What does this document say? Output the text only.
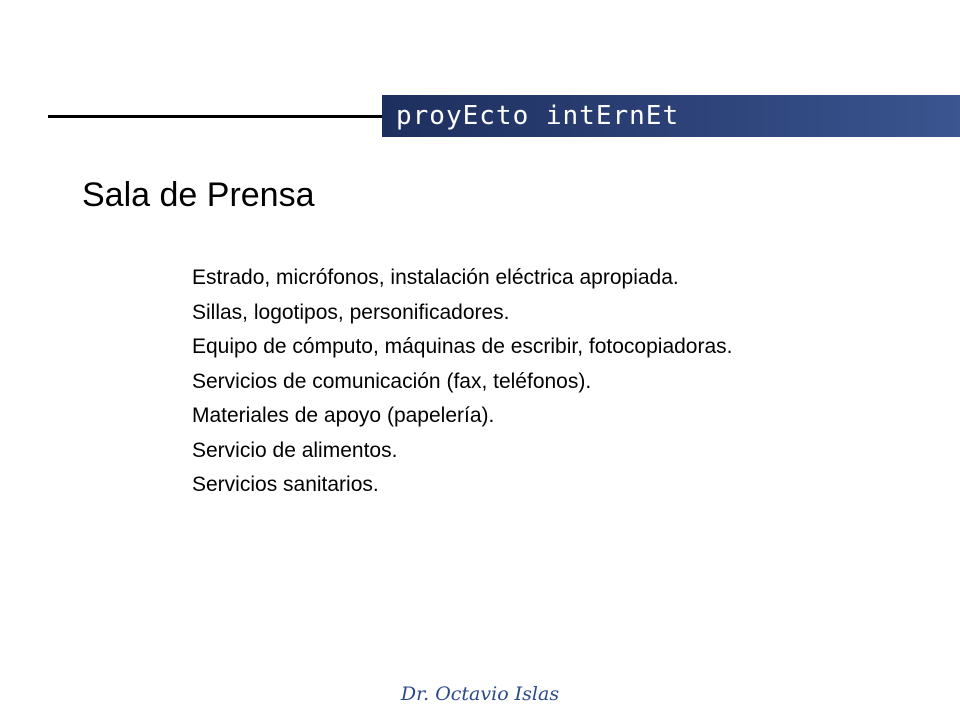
proyEcto intErnEt
Sala de Prensa
Estrado, micrófonos, instalación eléctrica apropiada.
Sillas, logotipos, personificadores.
Equipo de cómputo, máquinas de escribir, fotocopiadoras.
Servicios de comunicación (fax, teléfonos).
Materiales de apoyo (papelería).
Servicio de alimentos.
Servicios sanitarios.
Dr. Octavio Islas
